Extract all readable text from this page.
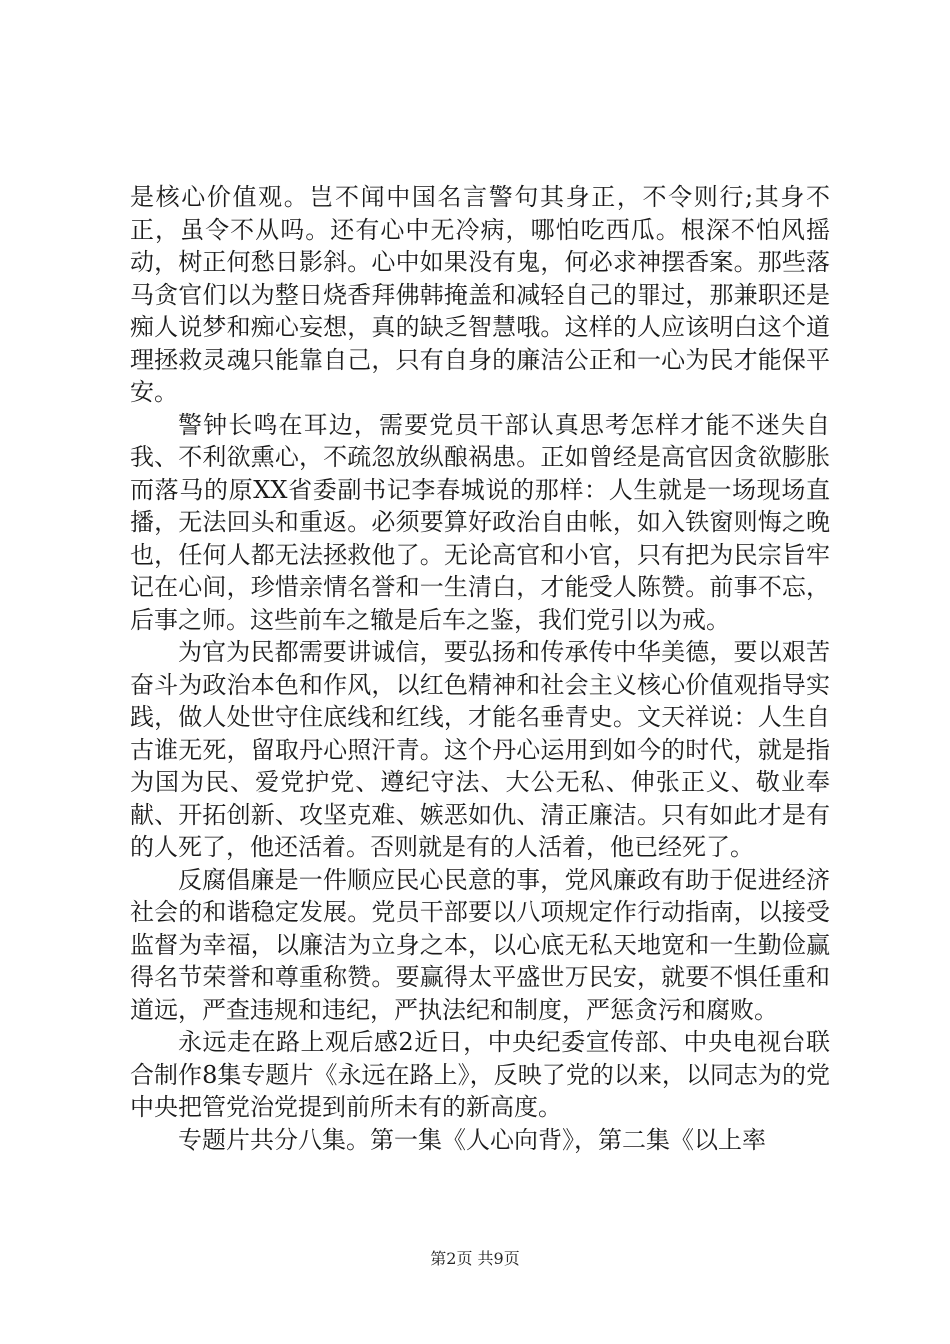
是核心价值观。岂不闻中国名言警句其身正，不令则行;其身不正，虽令不从吗。还有心中无冷病，哪怕吃西瓜。根深不怕风摇动，树正何愁日影斜。心中如果没有鬼，何必求神摆香案。那些落马贪官们以为整日烧香拜佛韩掩盖和减轻自己的罪过，那兼职还是痴人说梦和痴心妄想，真的缺乏智慧哦。这样的人应该明白这个道理拯救灵魂只能靠自己，只有自身的廉洁公正和一心为民才能保平安。

警钟长鸣在耳边，需要党员干部认真思考怎样才能不迷失自我、不利欲熏心，不疏忽放纵酿祸患。正如曾经是高官因贪欲膨胀而落马的原XX省委副书记李春城说的那样：人生就是一场现场直播，无法回头和重返。必须要算好政治自由帐，如入铁窗则悔之晚也，任何人都无法拯救他了。无论高官和小官，只有把为民宗旨牢记在心间，珍惜亲情名誉和一生清白，才能受人陈赞。前事不忘，后事之师。这些前车之辙是后车之鉴，我们党引以为戒。

为官为民都需要讲诚信，要弘扬和传承传中华美德，要以艰苦奋斗为政治本色和作风，以红色精神和社会主义核心价值观指导实践，做人处世守住底线和红线，才能名垂青史。文天祥说：人生自古谁无死，留取丹心照汗青。这个丹心运用到如今的时代，就是指为国为民、爱党护党、遵纪守法、大公无私、伸张正义、敬业奉献、开拓创新、攻坚克难、嫉恶如仇、清正廉洁。只有如此才是有的人死了，他还活着。否则就是有的人活着，他已经死了。

反腐倡廉是一件顺应民心民意的事，党风廉政有助于促进经济社会的和谐稳定发展。党员干部要以八项规定作行动指南，以接受监督为幸福，以廉洁为立身之本，以心底无私天地宽和一生勤俭赢得名节荣誉和尊重称赞。要赢得太平盛世万民安，就要不惧任重和道远，严查违规和违纪，严执法纪和制度，严惩贪污和腐败。

永远走在路上观后感2近日，中央纪委宣传部、中央电视台联合制作8集专题片《永远在路上》，反映了党的以来，以同志为的党中央把管党治党提到前所未有的新高度。

专题片共分八集。第一集《人心向背》，第二集《以上率

第2页 共9页
